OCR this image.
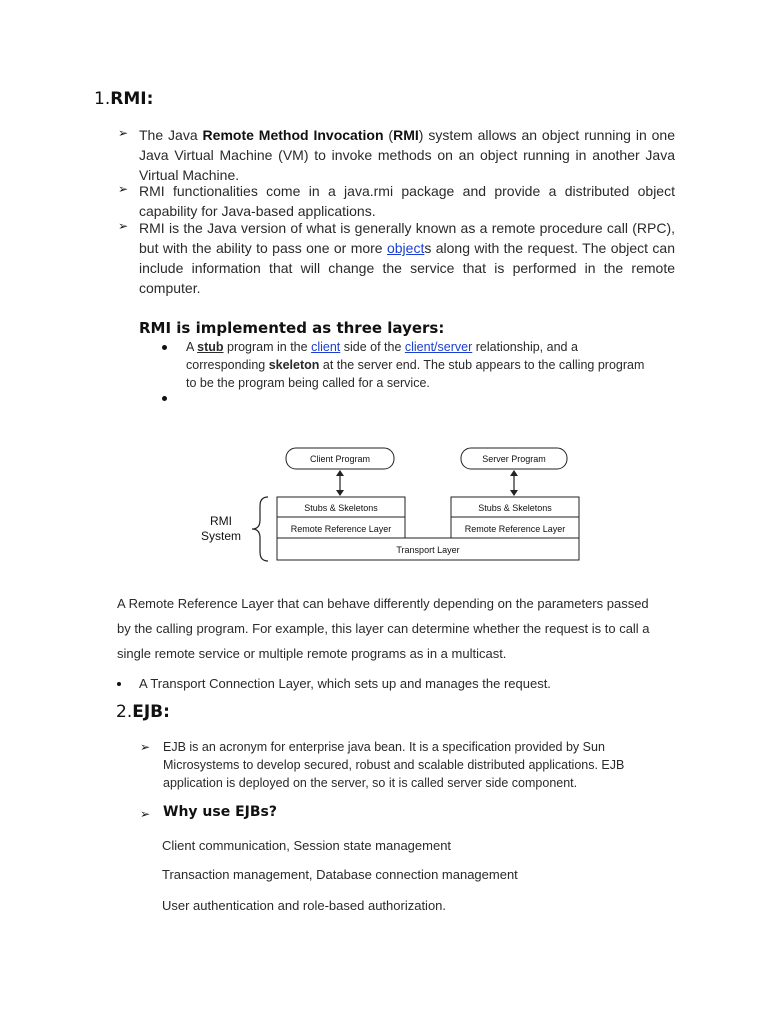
1.RMI:
➢ The Java Remote Method Invocation (RMI) system allows an object running in one Java Virtual Machine (VM) to invoke methods on an object running in another Java Virtual Machine.
➢ RMI functionalities come in a java.rmi package and provide a distributed object capability for Java-based applications.
➢ RMI is the Java version of what is generally known as a remote procedure call (RPC), but with the ability to pass one or more objects along with the request. The object can include information that will change the service that is performed in the remote computer.
RMI is implemented as three layers:
A stub program in the client side of the client/server relationship, and a corresponding skeleton at the server end. The stub appears to the calling program to be the program being called for a service.
Client Program	Server Program
Stubs & Skeletons
Remote Reference Layer
Stubs & Skeletons
Remote Reference Layer
Transport Layer
RMI
System
A Remote Reference Layer that can behave differently depending on the parameters passed by the calling program. For example, this layer can determine whether the request is to call a single remote service or multiple remote programs as in a multicast.
A Transport Connection Layer, which sets up and manages the request.
2.EJB:
➢ EJB is an acronym for enterprise java bean. It is a specification provided by Sun Microsystems to develop secured, robust and scalable distributed applications. EJB application is deployed on the server, so it is called server side component.
➢ Why use EJBs?
Client communication, Session state management
Transaction management, Database connection management
User authentication and role-based authorization.
